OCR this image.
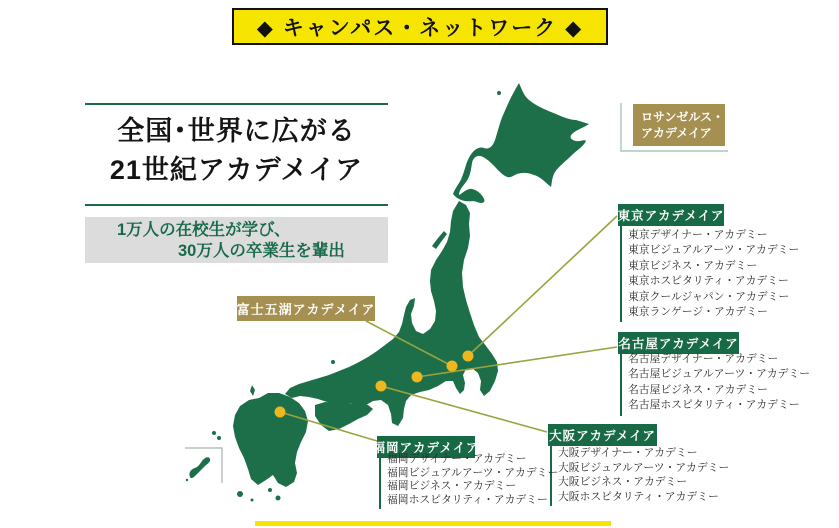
◆ キャンパス・ネットワーク ◆
全国･世界に広がる
21世紀アカデメイア
1万人の在校生が学び、
30万人の卒業生を輩出
ロサンゼルス・
アカデメイア
富士五湖アカデメイア
東京アカデメイア
東京デザイナー・アカデミー
東京ビジュアルアーツ・アカデミー
東京ビジネス・アカデミー
東京ホスピタリティ・アカデミー
東京クールジャパン・アカデミー
東京ランゲージ・アカデミー
名古屋アカデメイア
名古屋デザイナー・アカデミー
名古屋ビジュアルアーツ・アカデミー
名古屋ビジネス・アカデミー
名古屋ホスピタリティ・アカデミー
大阪アカデメイア
大阪デザイナー・アカデミー
大阪ビジュアルアーツ・アカデミー
大阪ビジネス・アカデミー
大阪ホスピタリティ・アカデミー
福岡アカデメイア
福岡デザイナー・アカデミー
福岡ビジュアルアーツ・アカデミー
福岡ビジネス・アカデミー
福岡ホスピタリティ・アカデミー
